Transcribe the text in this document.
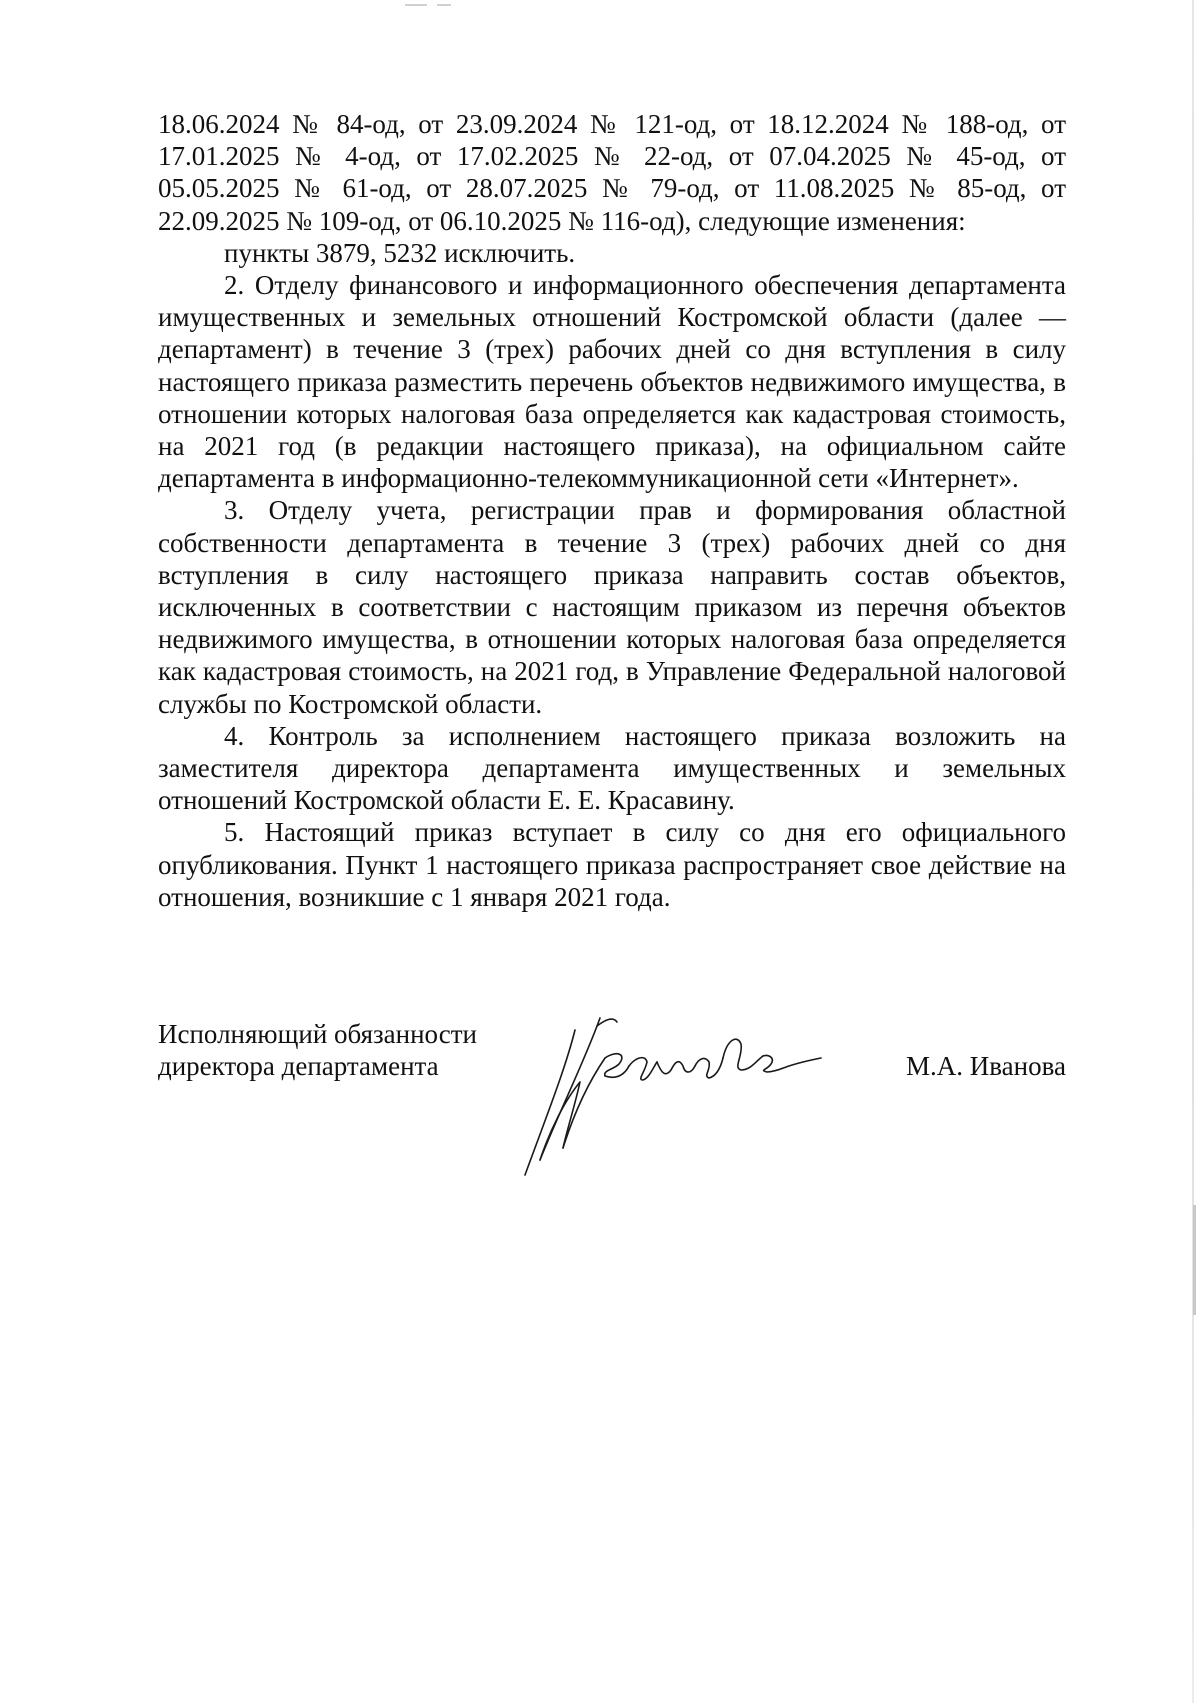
18.06.2024 № 84-од, от 23.09.2024 № 121-од, от 18.12.2024 № 188-од, от 17.01.2025 № 4-од, от 17.02.2025 № 22-од, от 07.04.2025 № 45-од, от 05.05.2025 № 61-од, от 28.07.2025 № 79-од, от 11.08.2025 № 85-од, от 22.09.2025 № 109-од, от 06.10.2025 № 116-од), следующие изменения:

пункты 3879, 5232 исключить.

2. Отделу финансового и информационного обеспечения департамента имущественных и земельных отношений Костромской области (далее — департамент) в течение 3 (трех) рабочих дней со дня вступления в силу настоящего приказа разместить перечень объектов недвижимого имущества, в отношении которых налоговая база определяется как кадастровая стоимость, на 2021 год (в редакции настоящего приказа), на официальном сайте департамента в информационно-телекоммуникационной сети «Интернет».

3. Отделу учета, регистрации прав и формирования областной собственности департамента в течение 3 (трех) рабочих дней со дня вступления в силу настоящего приказа направить состав объектов, исключенных в соответствии с настоящим приказом из перечня объектов недвижимого имущества, в отношении которых налоговая база определяется как кадастровая стоимость, на 2021 год, в Управление Федеральной налоговой службы по Костромской области.

4. Контроль за исполнением настоящего приказа возложить на заместителя директора департамента имущественных и земельных отношений Костромской области Е. Е. Красавину.

5. Настоящий приказ вступает в силу со дня его официального опубликования. Пункт 1 настоящего приказа распространяет свое действие на отношения, возникшие с 1 января 2021 года.

Исполняющий обязанности
директора департамента	М.А. Иванова
